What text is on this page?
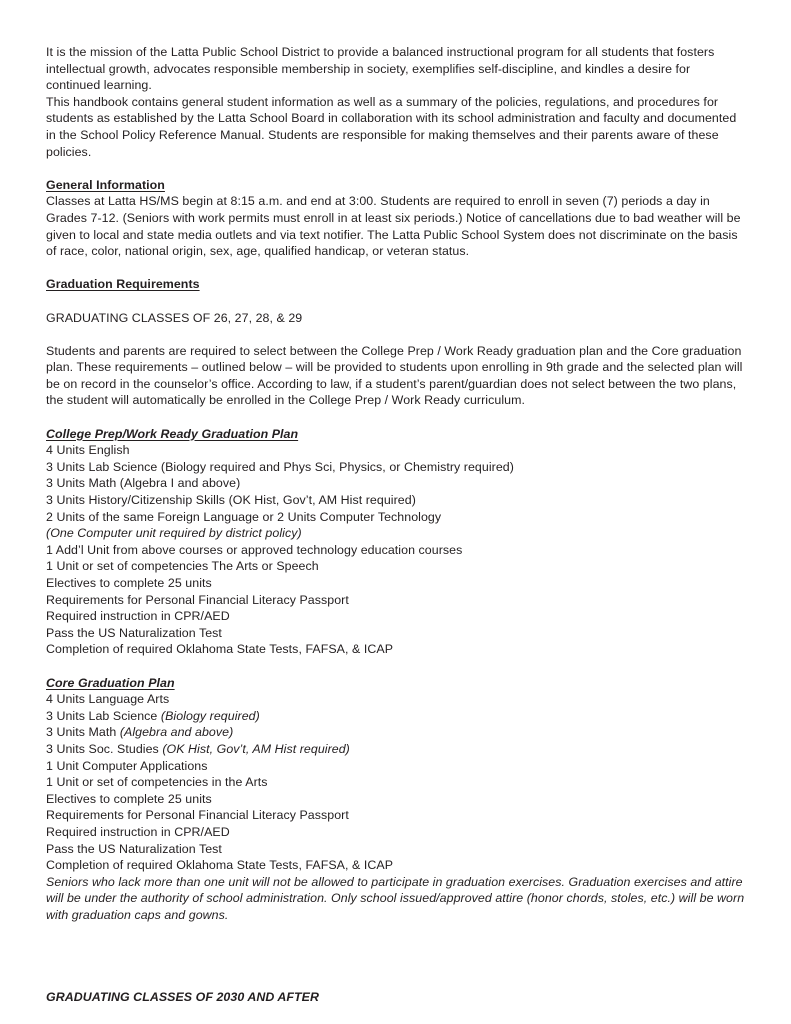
It is the mission of the Latta Public School District to provide a balanced instructional program for all students that fosters intellectual growth, advocates responsible membership in society, exemplifies self-discipline, and kindles a desire for continued learning.

This handbook contains general student information as well as a summary of the policies, regulations, and procedures for students as established by the Latta School Board in collaboration with its school administration and faculty and documented in the School Policy Reference Manual. Students are responsible for making themselves and their parents aware of these policies.

General Information

Classes at Latta HS/MS begin at 8:15 a.m. and end at 3:00. Students are required to enroll in seven (7) periods a day in Grades 7-12. (Seniors with work permits must enroll in at least six periods.) Notice of cancellations due to bad weather will be given to local and state media outlets and via text notifier. The Latta Public School System does not discriminate on the basis of race, color, national origin, sex, age, qualified handicap, or veteran status.

Graduation Requirements
GRADUATING CLASSES OF 26, 27, 28, & 29

Students and parents are required to select between the College Prep / Work Ready graduation plan and the Core graduation plan. These requirements – outlined below – will be provided to students upon enrolling in 9th grade and the selected plan will be on record in the counselor’s office. According to law, if a student’s parent/guardian does not select between the two plans, the student will automatically be enrolled in the College Prep / Work Ready curriculum.

College Prep/Work Ready Graduation Plan
4 Units English
3 Units Lab Science (Biology required and Phys Sci, Physics, or Chemistry required)
3 Units Math (Algebra I and above)
3 Units History/Citizenship Skills (OK Hist, Gov’t, AM Hist required)
2 Units of the same Foreign Language or 2 Units Computer Technology
(One Computer unit required by district policy)
1 Add’l Unit from above courses or approved technology education courses
1 Unit or set of competencies The Arts or Speech
Electives to complete 25 units
Requirements for Personal Financial Literacy Passport
Required instruction in CPR/AED
Pass the US Naturalization Test
Completion of required Oklahoma State Tests, FAFSA, & ICAP
Core Graduation Plan
4 Units Language Arts
3 Units Lab Science (Biology required)
3 Units Math (Algebra and above)
3 Units Soc. Studies (OK Hist, Gov’t, AM Hist required)
1 Unit Computer Applications
1 Unit or set of competencies in the Arts
Electives to complete 25 units
Requirements for Personal Financial Literacy Passport
Required instruction in CPR/AED
Pass the US Naturalization Test
Completion of required Oklahoma State Tests, FAFSA, & ICAP

Seniors who lack more than one unit will not be allowed to participate in graduation exercises. Graduation exercises and attire will be under the authority of school administration. Only school issued/approved attire (honor chords, stoles, etc.) will be worn with graduation caps and gowns.

GRADUATING CLASSES OF 2030 AND AFTER
